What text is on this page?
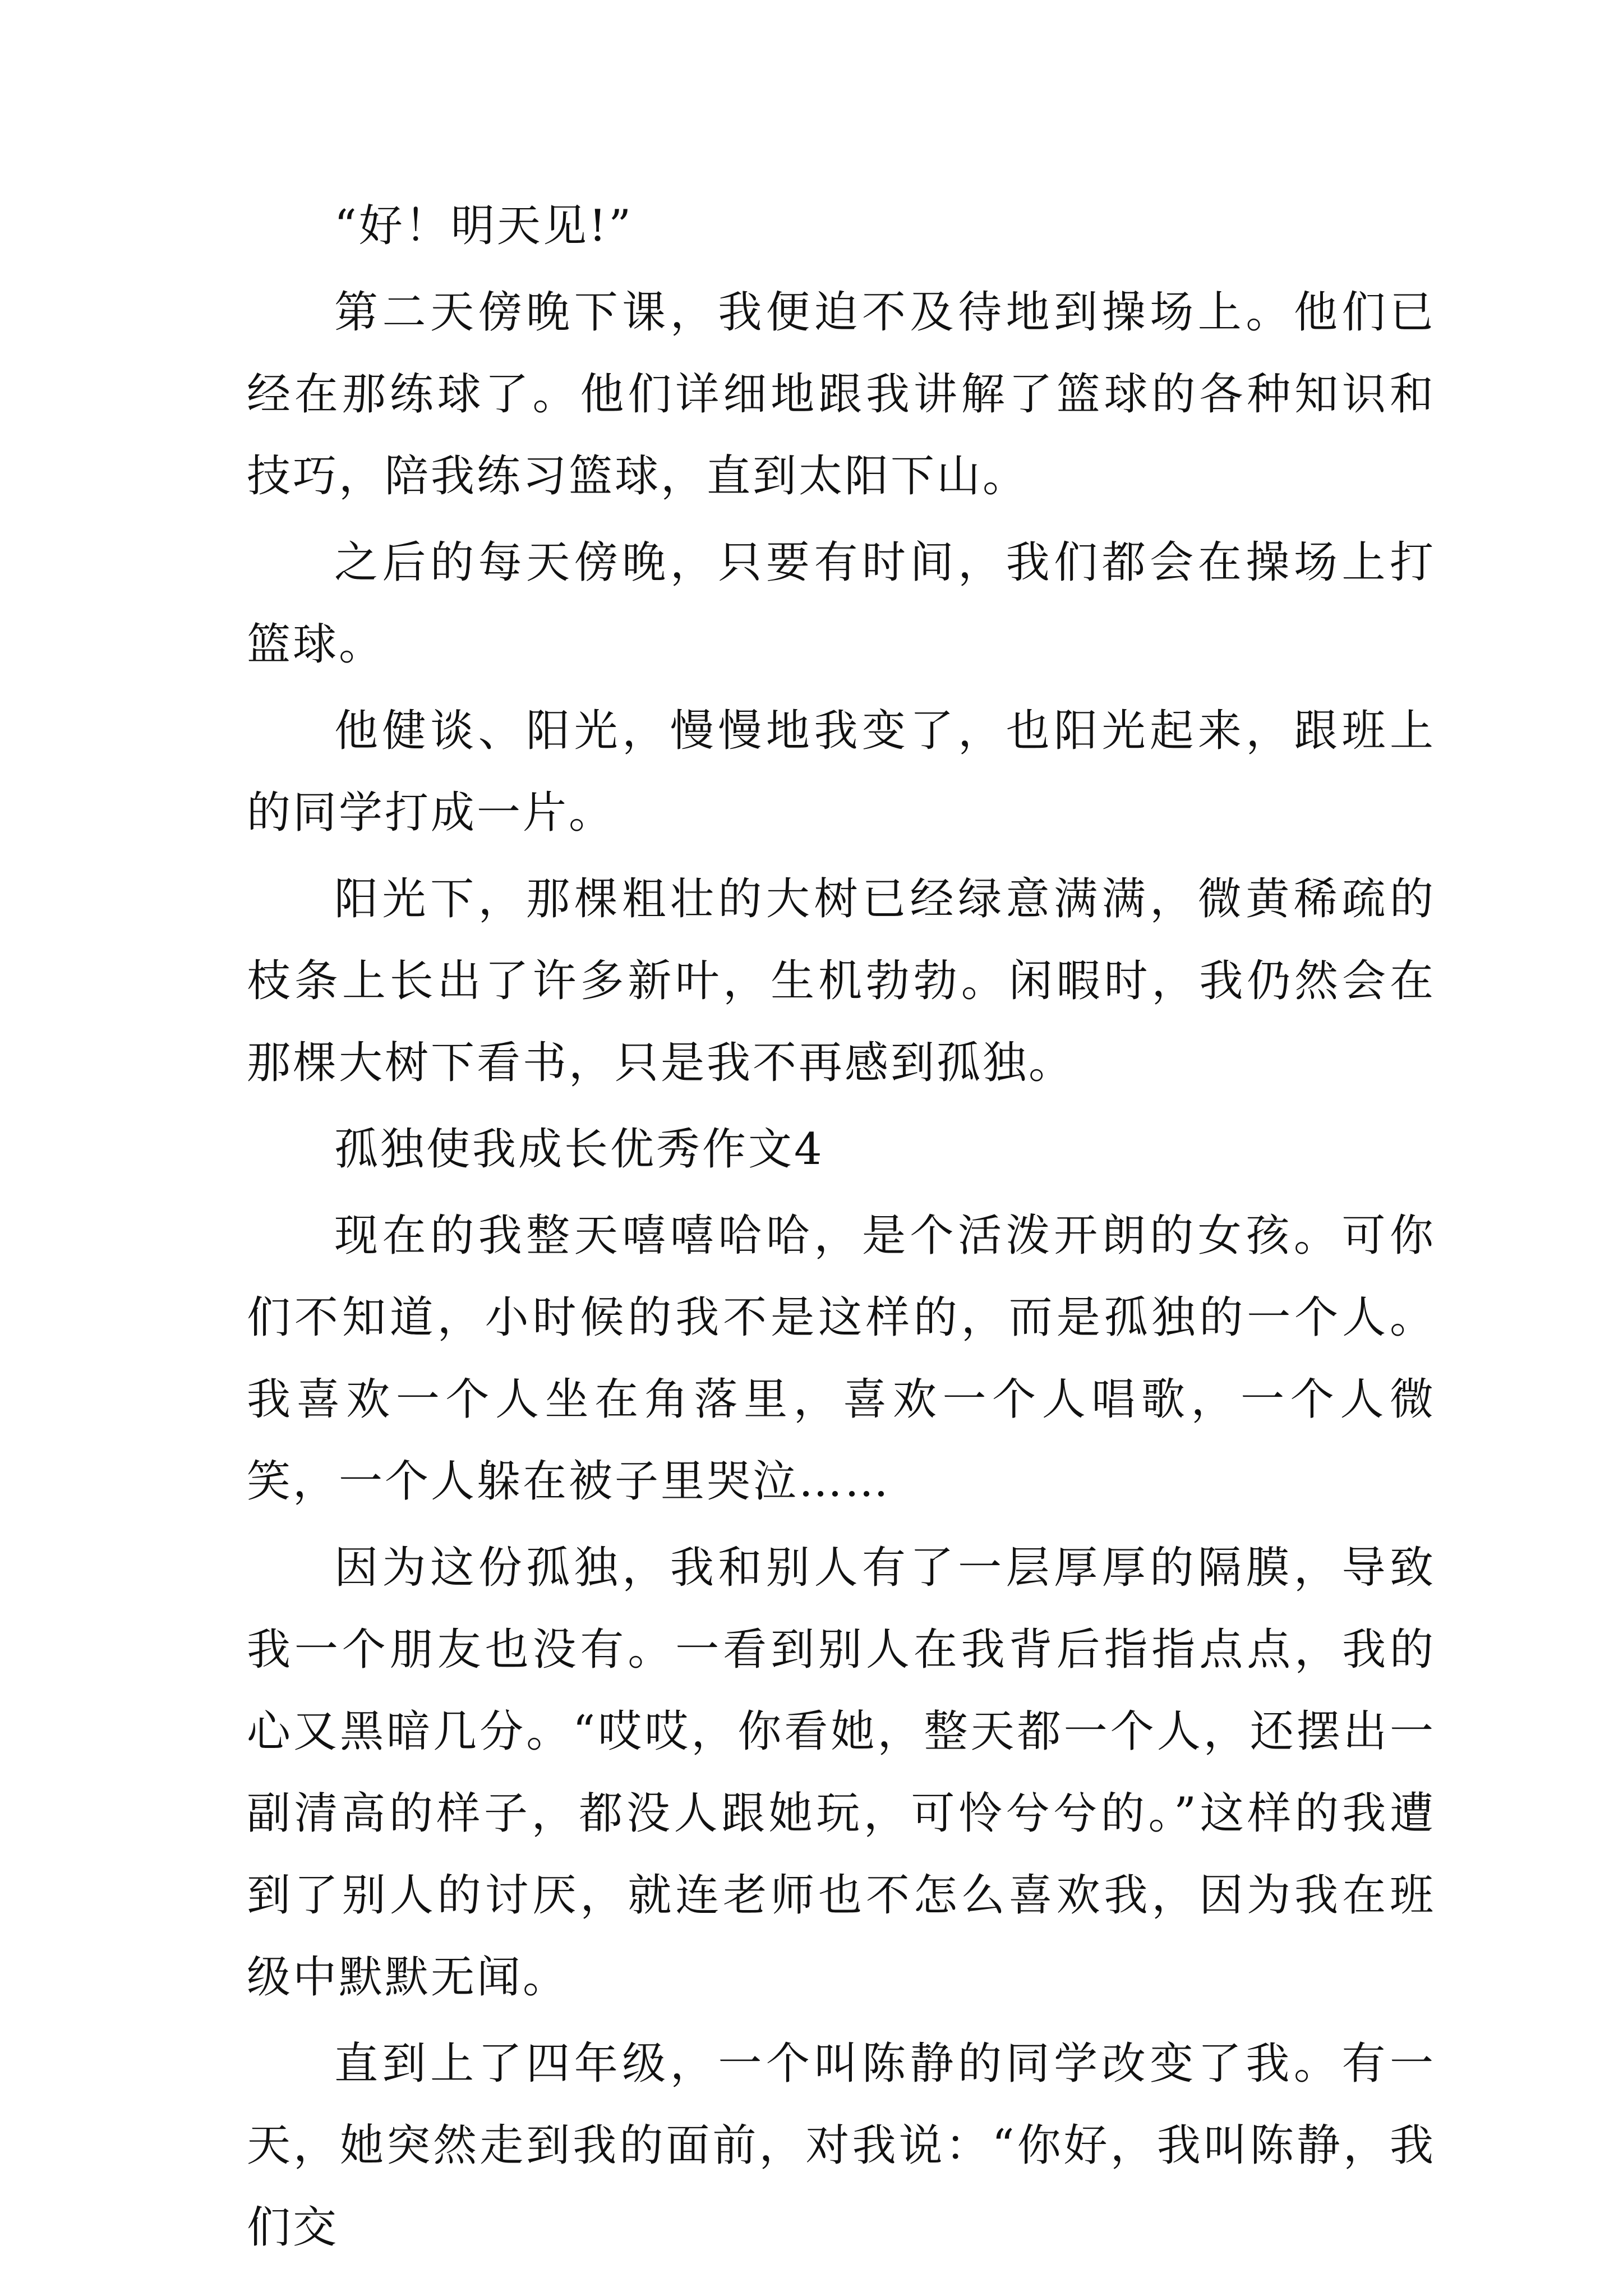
“好！明天见!”

第二天傍晚下课，我便迫不及待地到操场上。他们已经在那练球了。他们详细地跟我讲解了篮球的各种知识和技巧，陪我练习篮球，直到太阳下山。

之后的每天傍晚，只要有时间，我们都会在操场上打篮球。

他健谈、阳光，慢慢地我变了，也阳光起来，跟班上的同学打成一片。

阳光下，那棵粗壮的大树已经绿意满满，微黄稀疏的枝条上长出了许多新叶，生机勃勃。闲暇时，我仍然会在那棵大树下看书，只是我不再感到孤独。

孤独使我成长优秀作文4

现在的我整天嘻嘻哈哈，是个活泼开朗的女孩。可你们不知道，小时候的我不是这样的，而是孤独的一个人。我喜欢一个人坐在角落里，喜欢一个人唱歌，一个人微笑，一个人躲在被子里哭泣……

因为这份孤独，我和别人有了一层厚厚的隔膜，导致我一个朋友也没有。一看到别人在我背后指指点点，我的心又黑暗几分。“哎哎，你看她，整天都一个人，还摆出一副清高的样子，都没人跟她玩，可怜兮兮的。”这样的我遭到了别人的讨厌，就连老师也不怎么喜欢我，因为我在班级中默默无闻。

直到上了四年级，一个叫陈静的同学改变了我。有一天，她突然走到我的面前，对我说：“你好，我叫陈静，我们交
